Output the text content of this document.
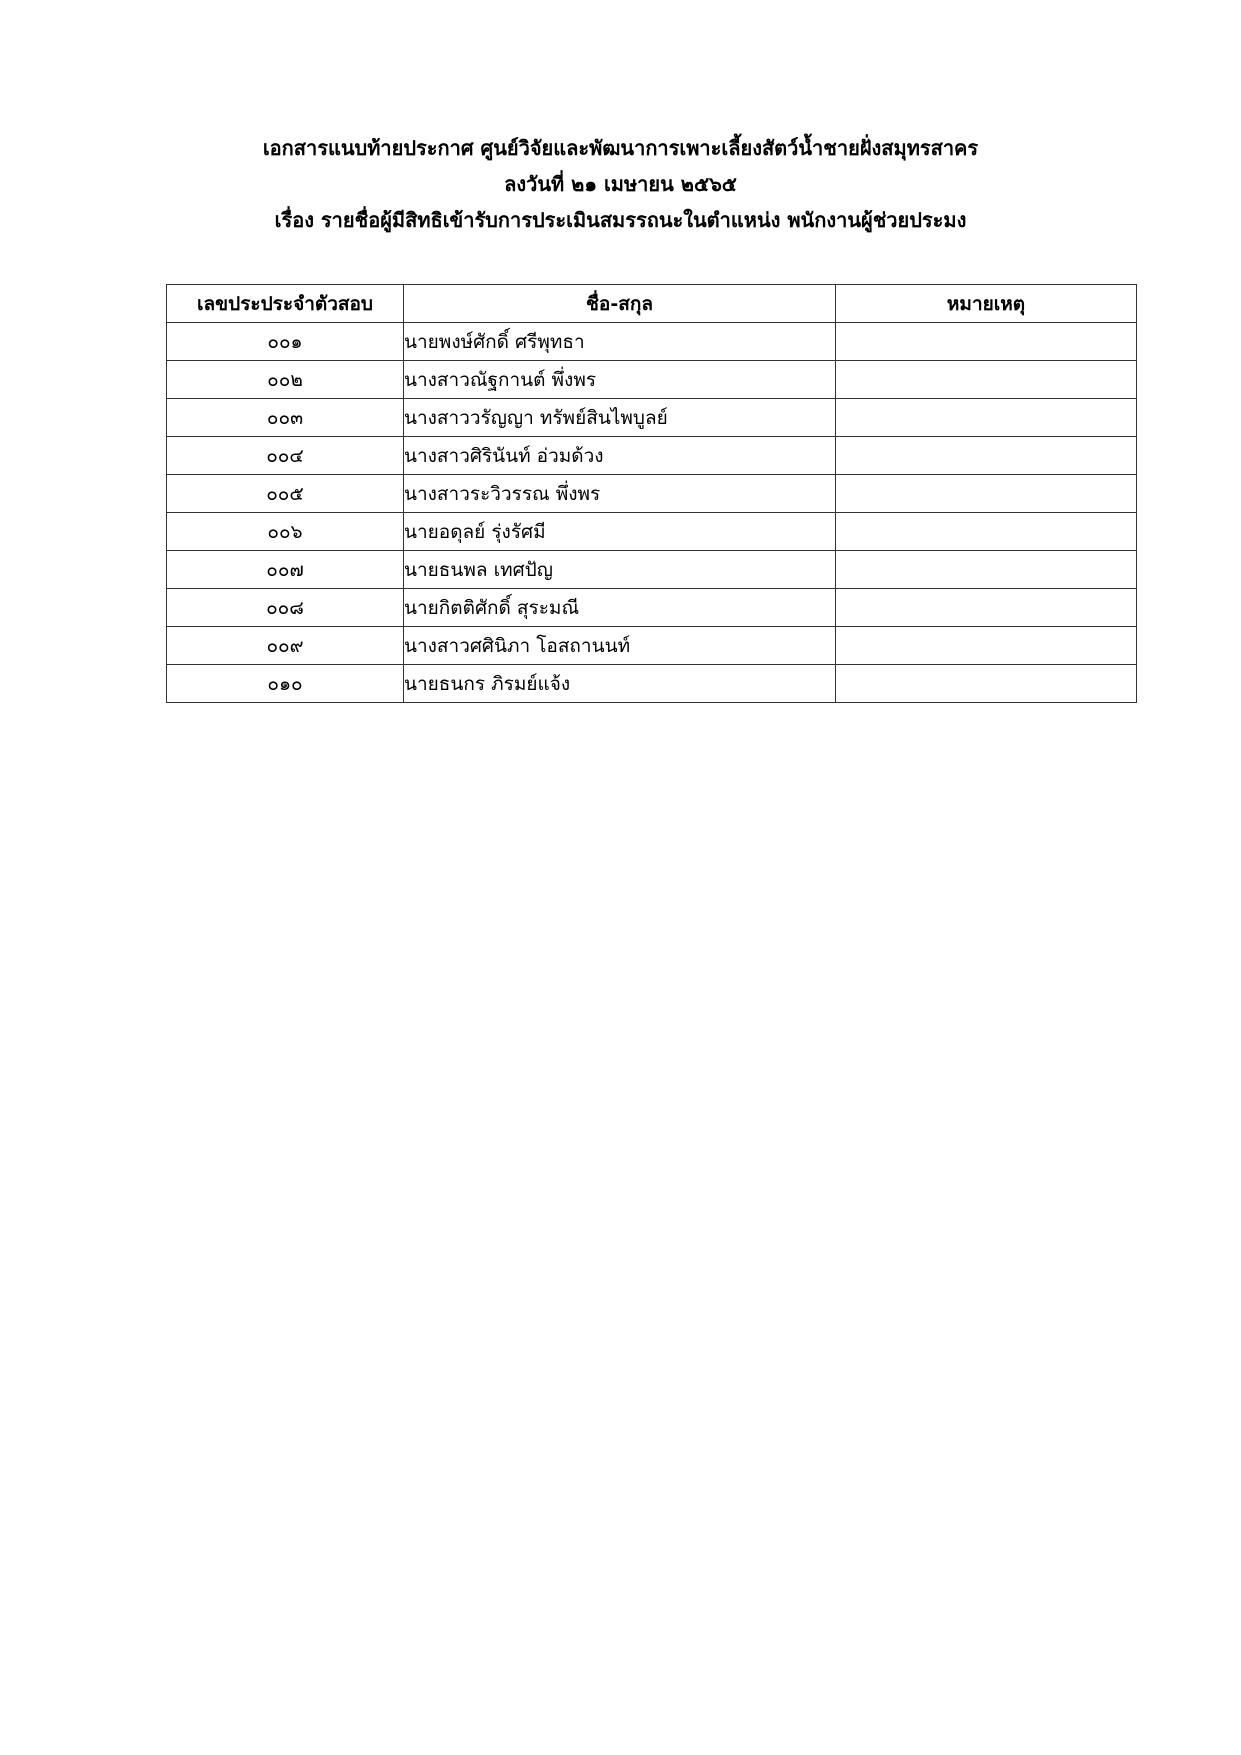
เอกสารแนบท้ายประกาศ ศูนย์วิจัยและพัฒนาการเพาะเลี้ยงสัตว์น้ำชายฝั่งสมุทรสาคร
ลงวันที่ ๒๑ เมษายน ๒๕๖๕
เรื่อง รายชื่อผู้มีสิทธิเข้ารับการประเมินสมรรถนะในตำแหน่ง พนักงานผู้ช่วยประมง
เลขประประจำตัวสอบ	ชื่อ-สกุล	หมายเหตุ
๐๐๑	นายพงษ์ศักดิ์ ศรีพุทธา	
๐๐๒	นางสาวณัฐกานต์ พึ่งพร	
๐๐๓	นางสาววรัญญา ทรัพย์สินไพบูลย์	
๐๐๔	นางสาวศิรินันท์ อ่วมด้วง	
๐๐๕	นางสาวระวิวรรณ พึ่งพร	
๐๐๖	นายอดุลย์ รุ่งรัศมี	
๐๐๗	นายธนพล เทศปัญ	
๐๐๘	นายกิตติศักดิ์ สุระมณี	
๐๐๙	นางสาวศศินิภา โอสถานนท์	
๐๑๐	นายธนกร ภิรมย์แจ้ง	
